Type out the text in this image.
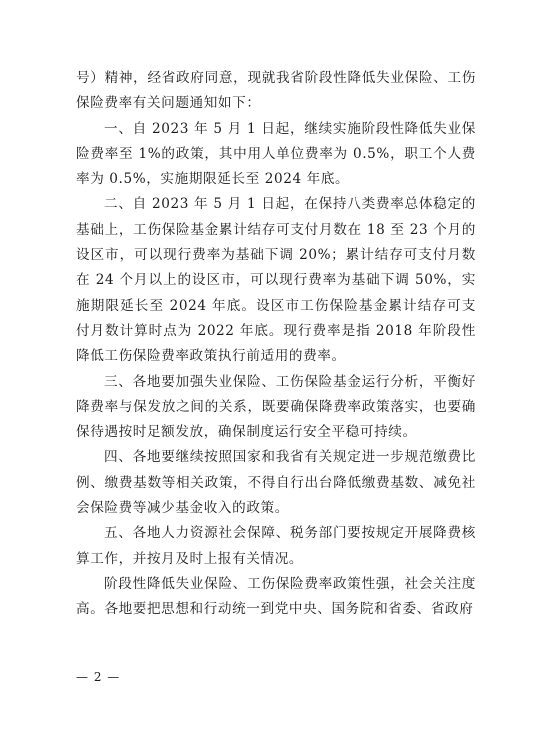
号）精神，经省政府同意，现就我省阶段性降低失业保险、工伤保险费率有关问题通知如下：

一、自 2023 年 5 月 1 日起，继续实施阶段性降低失业保险费率至 1%的政策，其中用人单位费率为 0.5%，职工个人费率为 0.5%，实施期限延长至 2024 年底。

二、自 2023 年 5 月 1 日起，在保持八类费率总体稳定的基础上，工伤保险基金累计结存可支付月数在 18 至 23 个月的设区市，可以现行费率为基础下调 20%；累计结存可支付月数在 24 个月以上的设区市，可以现行费率为基础下调 50%，实施期限延长至 2024 年底。设区市工伤保险基金累计结存可支付月数计算时点为 2022 年底。现行费率是指 2018 年阶段性降低工伤保险费率政策执行前适用的费率。

三、各地要加强失业保险、工伤保险基金运行分析，平衡好降费率与保发放之间的关系，既要确保降费率政策落实，也要确保待遇按时足额发放，确保制度运行安全平稳可持续。

四、各地要继续按照国家和我省有关规定进一步规范缴费比例、缴费基数等相关政策，不得自行出台降低缴费基数、减免社会保险费等减少基金收入的政策。

五、各地人力资源社会保障、税务部门要按规定开展降费核算工作，并按月及时上报有关情况。

阶段性降低失业保险、工伤保险费率政策性强，社会关注度高。各地要把思想和行动统一到党中央、国务院和省委、省政府

— 2 —
